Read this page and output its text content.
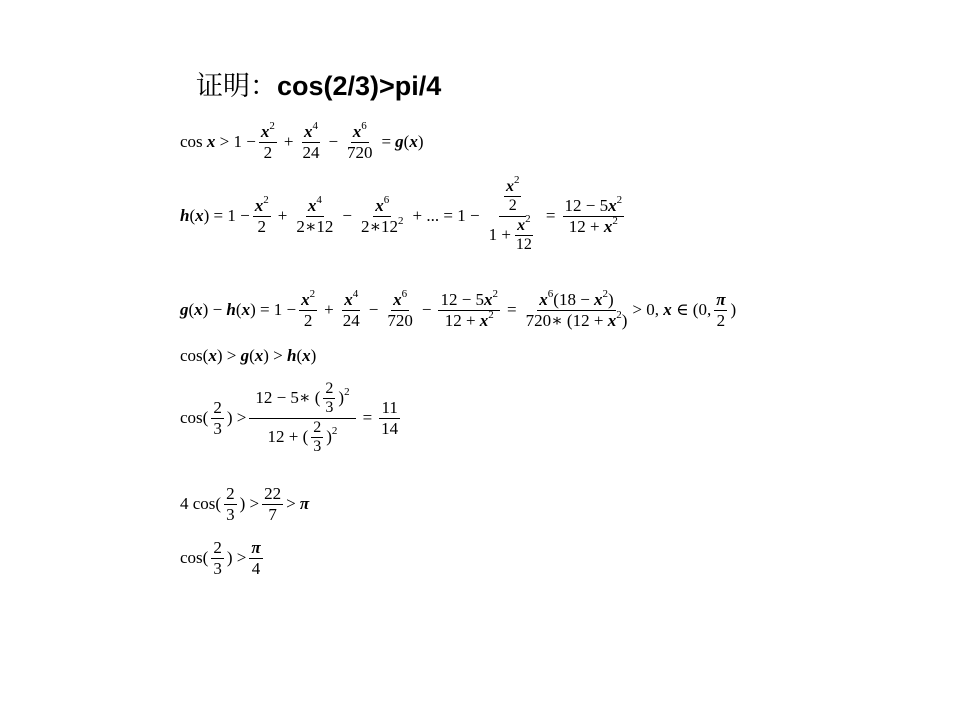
证明：cos(2/3)>pi/4
$\cos x > 1 - \frac{x^2}{2} + \frac{x^4}{24} - \frac{x^6}{720} = g(x)$
$h(x) = 1 - \frac{x^2}{2} + \frac{x^4}{2∗12} - \frac{x^6}{2∗12^2}$ + ... = $1 - \frac{\frac{x^2}{2}}{1 + \frac{x^2}{12}} = \frac{12 - 5x^2}{12 + x^2}$
$g(x) - h(x) = 1 - \frac{x^2}{2} + \frac{x^4}{24} - \frac{x^6}{720} - \frac{12 - 5x^2}{12 + x^2} = \frac{x^6(18 - x^2)}{720∗ (12 + x^2)} > 0$, x ∈ (0, $\frac{\pi}{2}$ )
cos(x) > g(x) > h(x)
$\cos( \frac{2}{3}$ ) > $\frac{12 - 5∗ ( \frac{2}{3} )^2}{12 + ( \frac{2}{3} )^2} = \frac{11}{14}$
4 $\cos( \frac{2}{3}$ ) > $\frac{22}{7} > \pi$
$\cos( \frac{2}{3}$ ) > $\frac{\pi}{4}$
